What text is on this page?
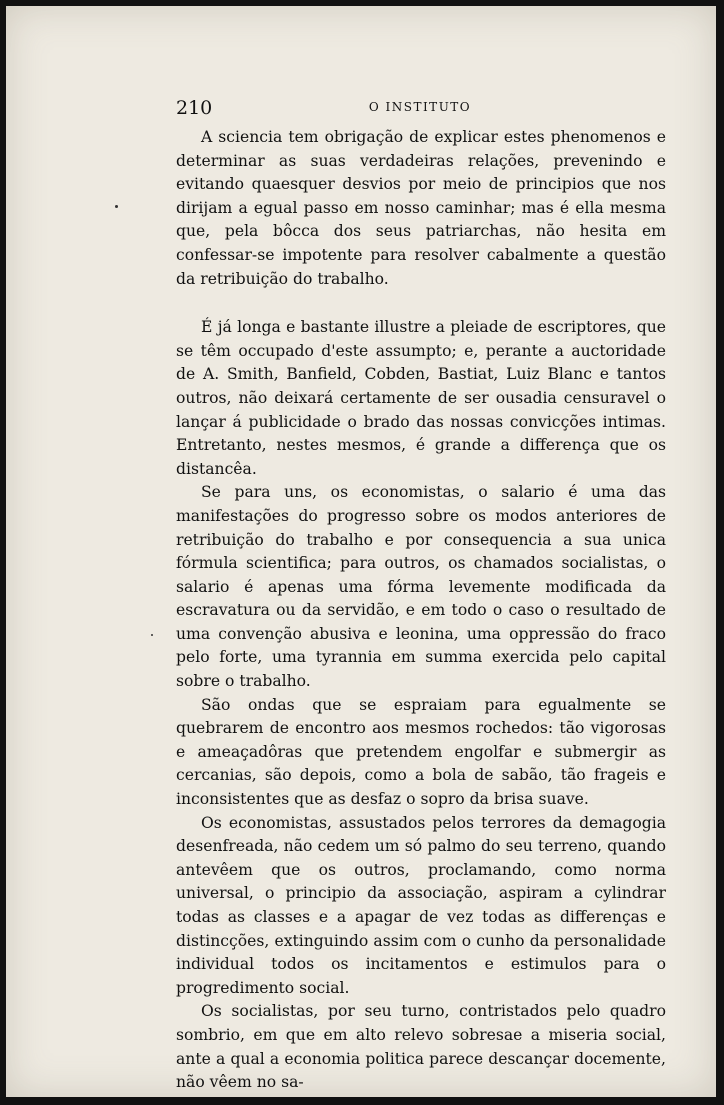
210	O INSTITUTO

A sciencia tem obrigação de explicar estes phenomenos e determinar as suas verdadeiras relações, prevenindo e evitando quaesquer desvios por meio de principios que nos dirijam a egual passo em nosso caminhar; mas é ella mesma que, pela bôcca dos seus patriarchas, não hesita em confessar-se impotente para resolver cabalmente a questão da retribuição do trabalho.

É já longa e bastante illustre a pleiade de escriptores, que se têm occupado d'este assumpto; e, perante a auctoridade de A. Smith, Banfield, Cobden, Bastiat, Luiz Blanc e tantos outros, não deixará certamente de ser ousadia censuravel o lançar á publicidade o brado das nossas convicções intimas. Entretanto, nestes mesmos, é grande a differença que os distancêa.

Se para uns, os economistas, o salario é uma das manifestações do progresso sobre os modos anteriores de retribuição do trabalho e por consequencia a sua unica fórmula scientifica; para outros, os chamados socialistas, o salario é apenas uma fórma levemente modificada da escravatura ou da servidão, e em todo o caso o resultado de uma convenção abusiva e leonina, uma oppressão do fraco pelo forte, uma tyrannia em summa exercida pelo capital sobre o trabalho.

São ondas que se espraiam para egualmente se quebrarem de encontro aos mesmos rochedos: tão vigorosas e ameaçadôras que pretendem engolfar e submergir as cercanias, são depois, como a bola de sabão, tão frageis e inconsistentes que as desfaz o sopro da brisa suave.

Os economistas, assustados pelos terrores da demagogia desenfreada, não cedem um só palmo do seu terreno, quando antevêem que os outros, proclamando, como norma universal, o principio da associação, aspiram a cylindrar todas as classes e a apagar de vez todas as differenças e distincções, extinguindo assim com o cunho da personalidade individual todos os incitamentos e estimulos para o progredimento social.

Os socialistas, por seu turno, contristados pelo quadro sombrio, em que em alto relevo sobresae a miseria social, ante a qual a economia politica parece descançar docemente, não vêem no sa-
